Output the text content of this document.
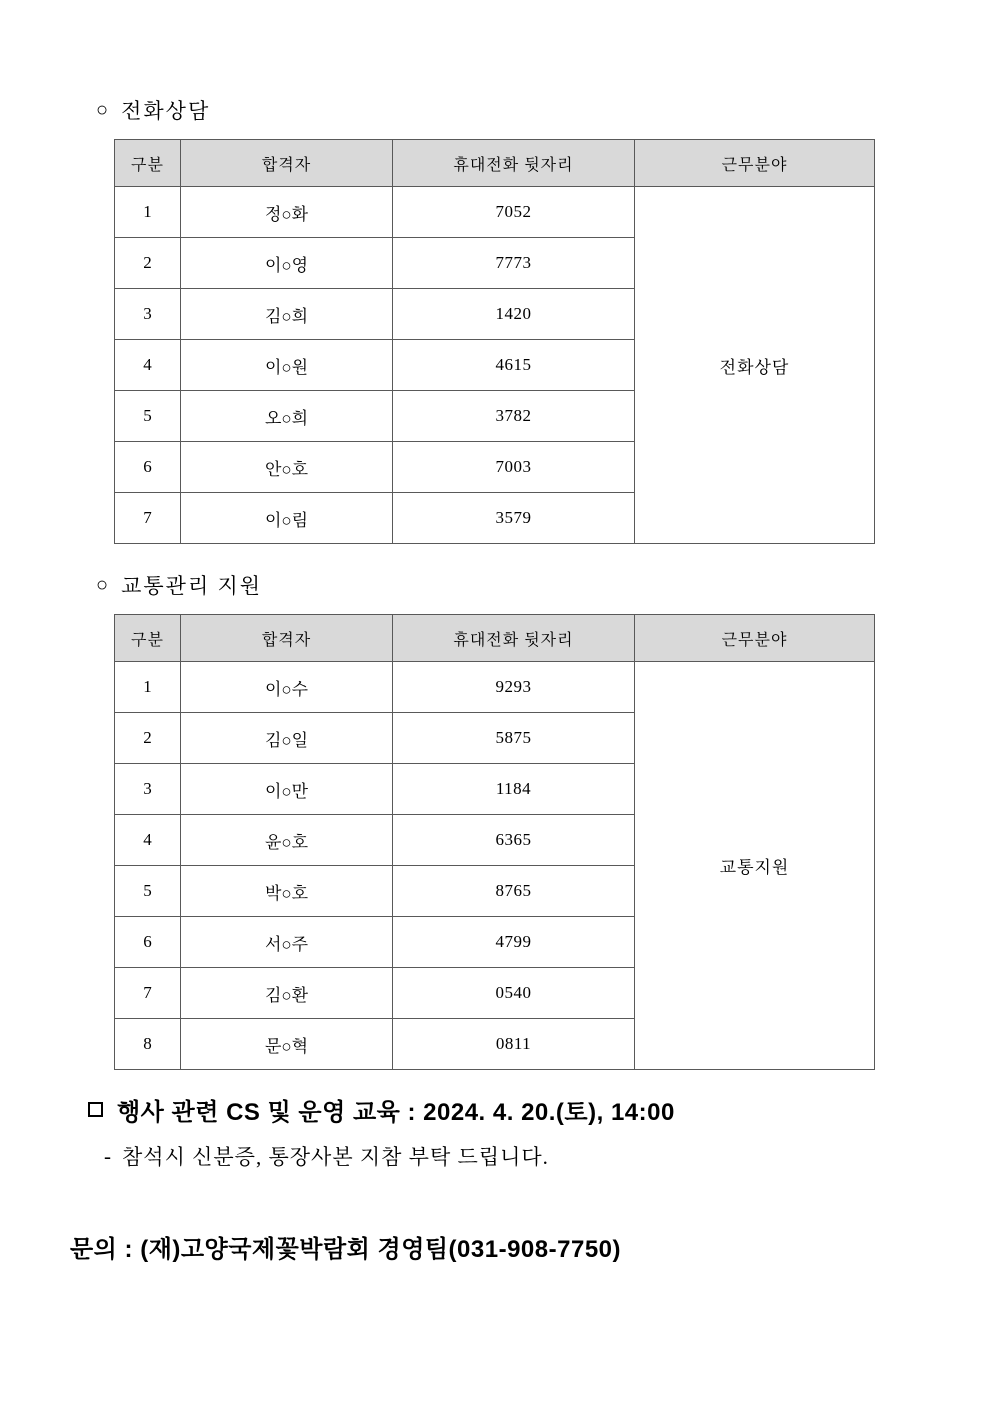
○ 전화상담
구분	합격자	휴대전화 뒷자리	근무분야
1	정○화	7052	전화상담
2	이○영	7773	
3	김○희	1420	
4	이○원	4615	
5	오○희	3782	
6	안○호	7003	
7	이○림	3579	
○ 교통관리 지원
구분	합격자	휴대전화 뒷자리	근무분야
1	이○수	9293	교통지원
2	김○일	5875	
3	이○만	1184	
4	윤○호	6365	
5	박○호	8765	
6	서○주	4799	
7	김○환	0540	
8	문○혁	0811	
행사 관련 CS 및 운영 교육 : 2024. 4. 20.(토), 14:00
- 참석시 신분증, 통장사본 지참 부탁 드립니다.
문의 : (재)고양국제꽃박람회 경영팀(031-908-7750)
